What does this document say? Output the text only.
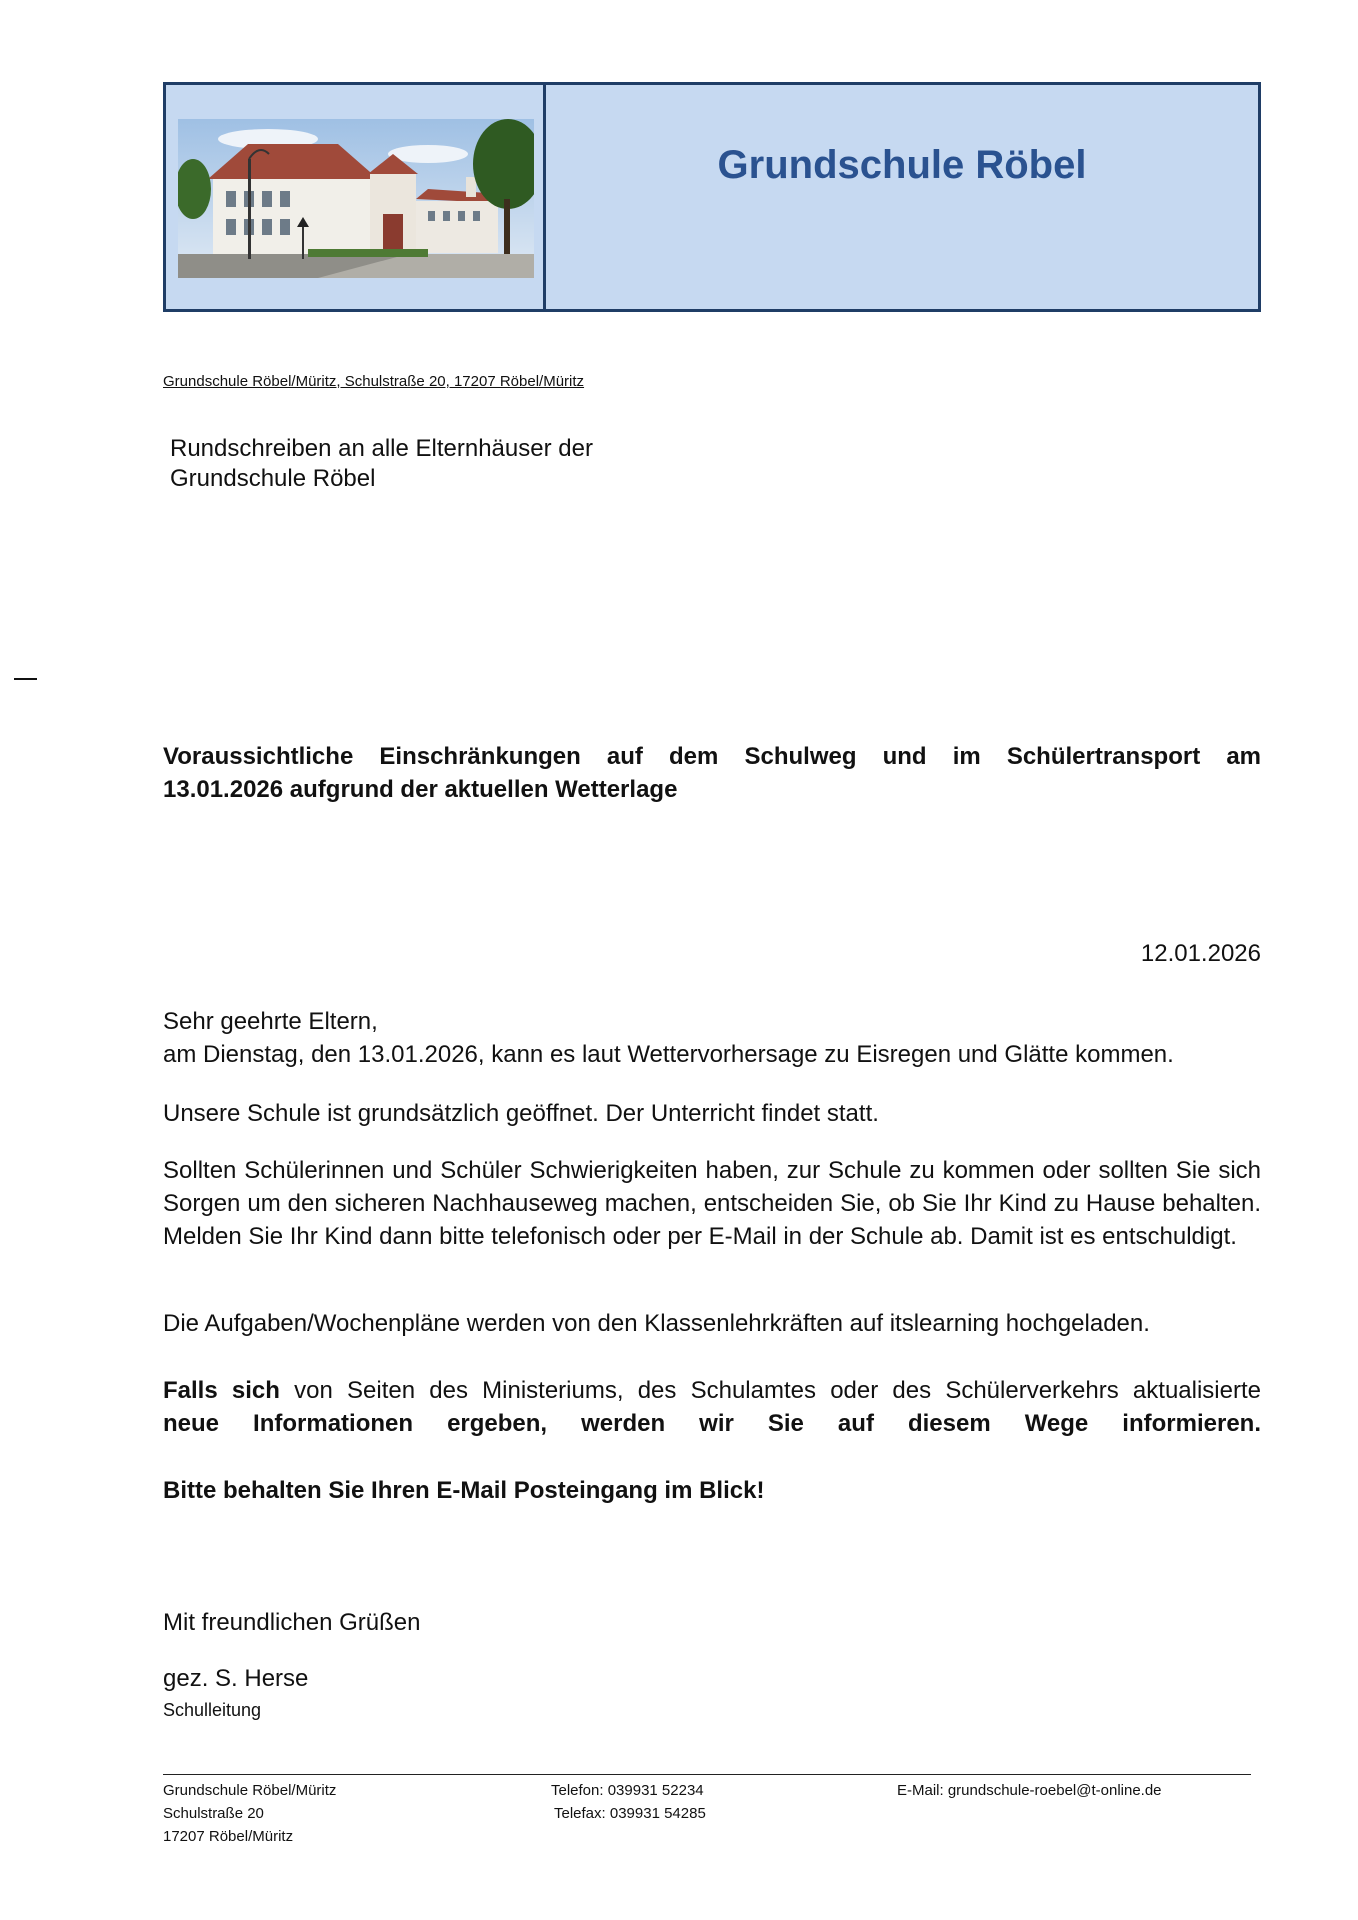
Grundschule Röbel
Grundschule Röbel/Müritz, Schulstraße 20, 17207 Röbel/Müritz
Rundschreiben an alle Elternhäuser der
Grundschule Röbel
Voraussichtliche Einschränkungen auf dem Schulweg und im Schülertransport am
13.01.2026 aufgrund der aktuellen Wetterlage
12.01.2026
Sehr geehrte Eltern,
am Dienstag, den 13.01.2026, kann es laut Wettervorhersage zu Eisregen und Glätte kommen.
Unsere Schule ist grundsätzlich geöffnet. Der Unterricht findet statt.
Sollten Schülerinnen und Schüler Schwierigkeiten haben, zur Schule zu kommen oder sollten Sie sich Sorgen um den sicheren Nachhauseweg machen, entscheiden Sie, ob Sie Ihr Kind zu Hause behalten. Melden Sie Ihr Kind dann bitte telefonisch oder per E-Mail in der Schule ab. Damit ist es entschuldigt.
Die Aufgaben/Wochenpläne werden von den Klassenlehrkräften auf itslearning hochgeladen.
Falls sich von Seiten des Ministeriums, des Schulamtes oder des Schülerverkehrs aktualisierte
neue Informationen ergeben, werden wir Sie auf diesem Wege informieren.
Bitte behalten Sie Ihren E-Mail Posteingang im Blick!
Mit freundlichen Grüßen
gez. S. Herse
Schulleitung
Grundschule Röbel/Müritz
Schulstraße 20
17207 Röbel/Müritz
Telefon: 039931 52234
Telefax: 039931 54285
E-Mail: grundschule-roebel@t-online.de
